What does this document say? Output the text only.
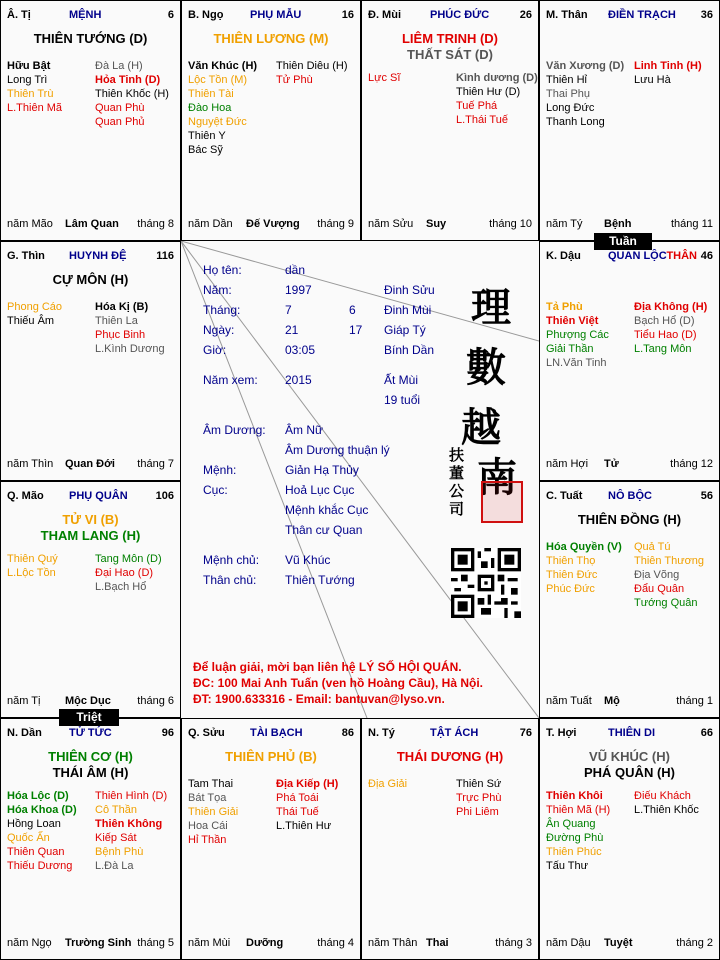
Â. Tị	MỆNH	6
THIÊN TƯỚNG (D)
Hữu Bật
Long Trì
Thiên Trù
L.Thiên Mã
Đà La (H)
Hỏa Tinh (D)
Thiên Khốc (H)
Quan Phù
Quan Phủ
năm Mão Lâm Quan tháng 8
B. Ngọ PHỤ MẪU	16
THIÊN LƯƠNG (M)
Văn Khúc (H)
Lộc Tồn (M)
Thiên Tài
Đào Hoa
Nguyệt Đức
Thiên Y
Bác Sỹ
Thiên Diêu (H)
Tử Phù
năm Dần Đế Vượng tháng 9
Đ. Mùi	PHÚC ĐỨC	26
LIÊM TRINH (D)
THẤT SÁT (D)
Lực Sĩ	Kình dương (D)
Thiên Hư (D)
Tuế Phá
L.Thái Tuế
năm Sửu Suy	tháng 10
M. Thân ĐIỀN TRẠCH 36
Văn Xương (D)
Thiên Hỉ
Thai Phụ
Long Đức
Thanh Long
Linh Tinh (H)
Lưu Hà
năm Tý Bệnh	tháng 11
G. Thìn HUYNH ĐỆ	116
CỰ MÔN (H)
Phong Cáo
Thiếu Âm
Hóa Kị (B)
Thiên La
Phục Binh
L.Kình Dương
năm Thìn Quan Đới tháng 7
K. Dậu QUAN LỘC THÂN 46
Tả Phù
Thiên Việt
Phượng Các
Giải Thần
LN.Văn Tinh
Địa Không (H)
Bạch Hổ (D)
Tiểu Hao (D)
L.Tang Môn
năm Hợi Tử	tháng 12
Q. Mão PHỤ QUÂN	106
TỬ VI (B)
THAM LANG (H)
Thiên Quý
L.Lộc Tồn
Tang Môn (D)
Đại Hao (D)
L.Bạch Hổ
năm Tị Mộc Dục tháng 6
C. Tuất NÔ BỘC	56
THIÊN ĐỒNG (H)
Hóa Quyền (V)
Thiên Thọ
Thiên Đức
Phúc Đức
Quả Tú
Thiên Thương
Địa Võng
Đẩu Quân
Tướng Quân
năm Tuất Mộ	tháng 1
N. Dần TỬ TỨC	96
THIÊN CƠ (H)
THÁI ÂM (H)
Hóa Lộc (D)
Hóa Khoa (D)
Hồng Loan
Quốc Ấn
Thiên Quan
Thiếu Dương
Thiên Hình (D)
Cô Thần
Thiên Không
Kiếp Sát
Bệnh Phù
L.Đà La
năm Ngọ Trường Sinh tháng 5
Q. Sửu TÀI BẠCH	86
THIÊN PHỦ (B)
Tam Thai
Bát Tọa
Thiên Giải
Hoa Cái
Hỉ Thần
Địa Kiếp (H)
Phá Toái
Thái Tuế
L.Thiên Hư
năm Mùi Dưỡng	tháng 4
N. Tý	TẬT ÁCH	76
THÁI DƯƠNG (H)
Địa Giải	Thiên Sứ
Trực Phù
Phi Liêm
năm Thân Thai	tháng 3
T. Hợi	THIÊN DI	66
VŨ KHÚC (H)
PHÁ QUÂN (H)
Thiên Khôi
Thiên Mã (H)
Ân Quang
Đường Phù
Thiên Phúc
Tấu Thư
Điếu Khách
L.Thiên Khốc
năm Dậu Tuyệt	tháng 2
Tuần
Triệt
Họ tên:	dần
Năm:	1997	Đinh Sửu
Tháng:	7	6 Đinh Mùi
Ngày:	21	17 Giáp Tý
Giờ:	03:05	Bính Dần
Năm xem: 2015	Ất Mùi
19 tuổi
Âm Dương: Âm Nữ
Âm Dương thuận lý
Mệnh:	Giản Hạ Thủy
Cục:	Hoả Lục Cục
Mệnh khắc Cục
Thân cư Quan
Mệnh chủ: Vũ Khúc
Thân chủ: Thiên Tướng
理
數
越
南
扶
董
公
司
Để luận giải, mời bạn liên hệ LÝ SỐ HỘI QUÁN.
ĐC: 100 Mai Anh Tuấn (ven hồ Hoàng Cầu), Hà Nội.
ĐT: 1900.633316 - Email: bantuvan@lyso.vn.
